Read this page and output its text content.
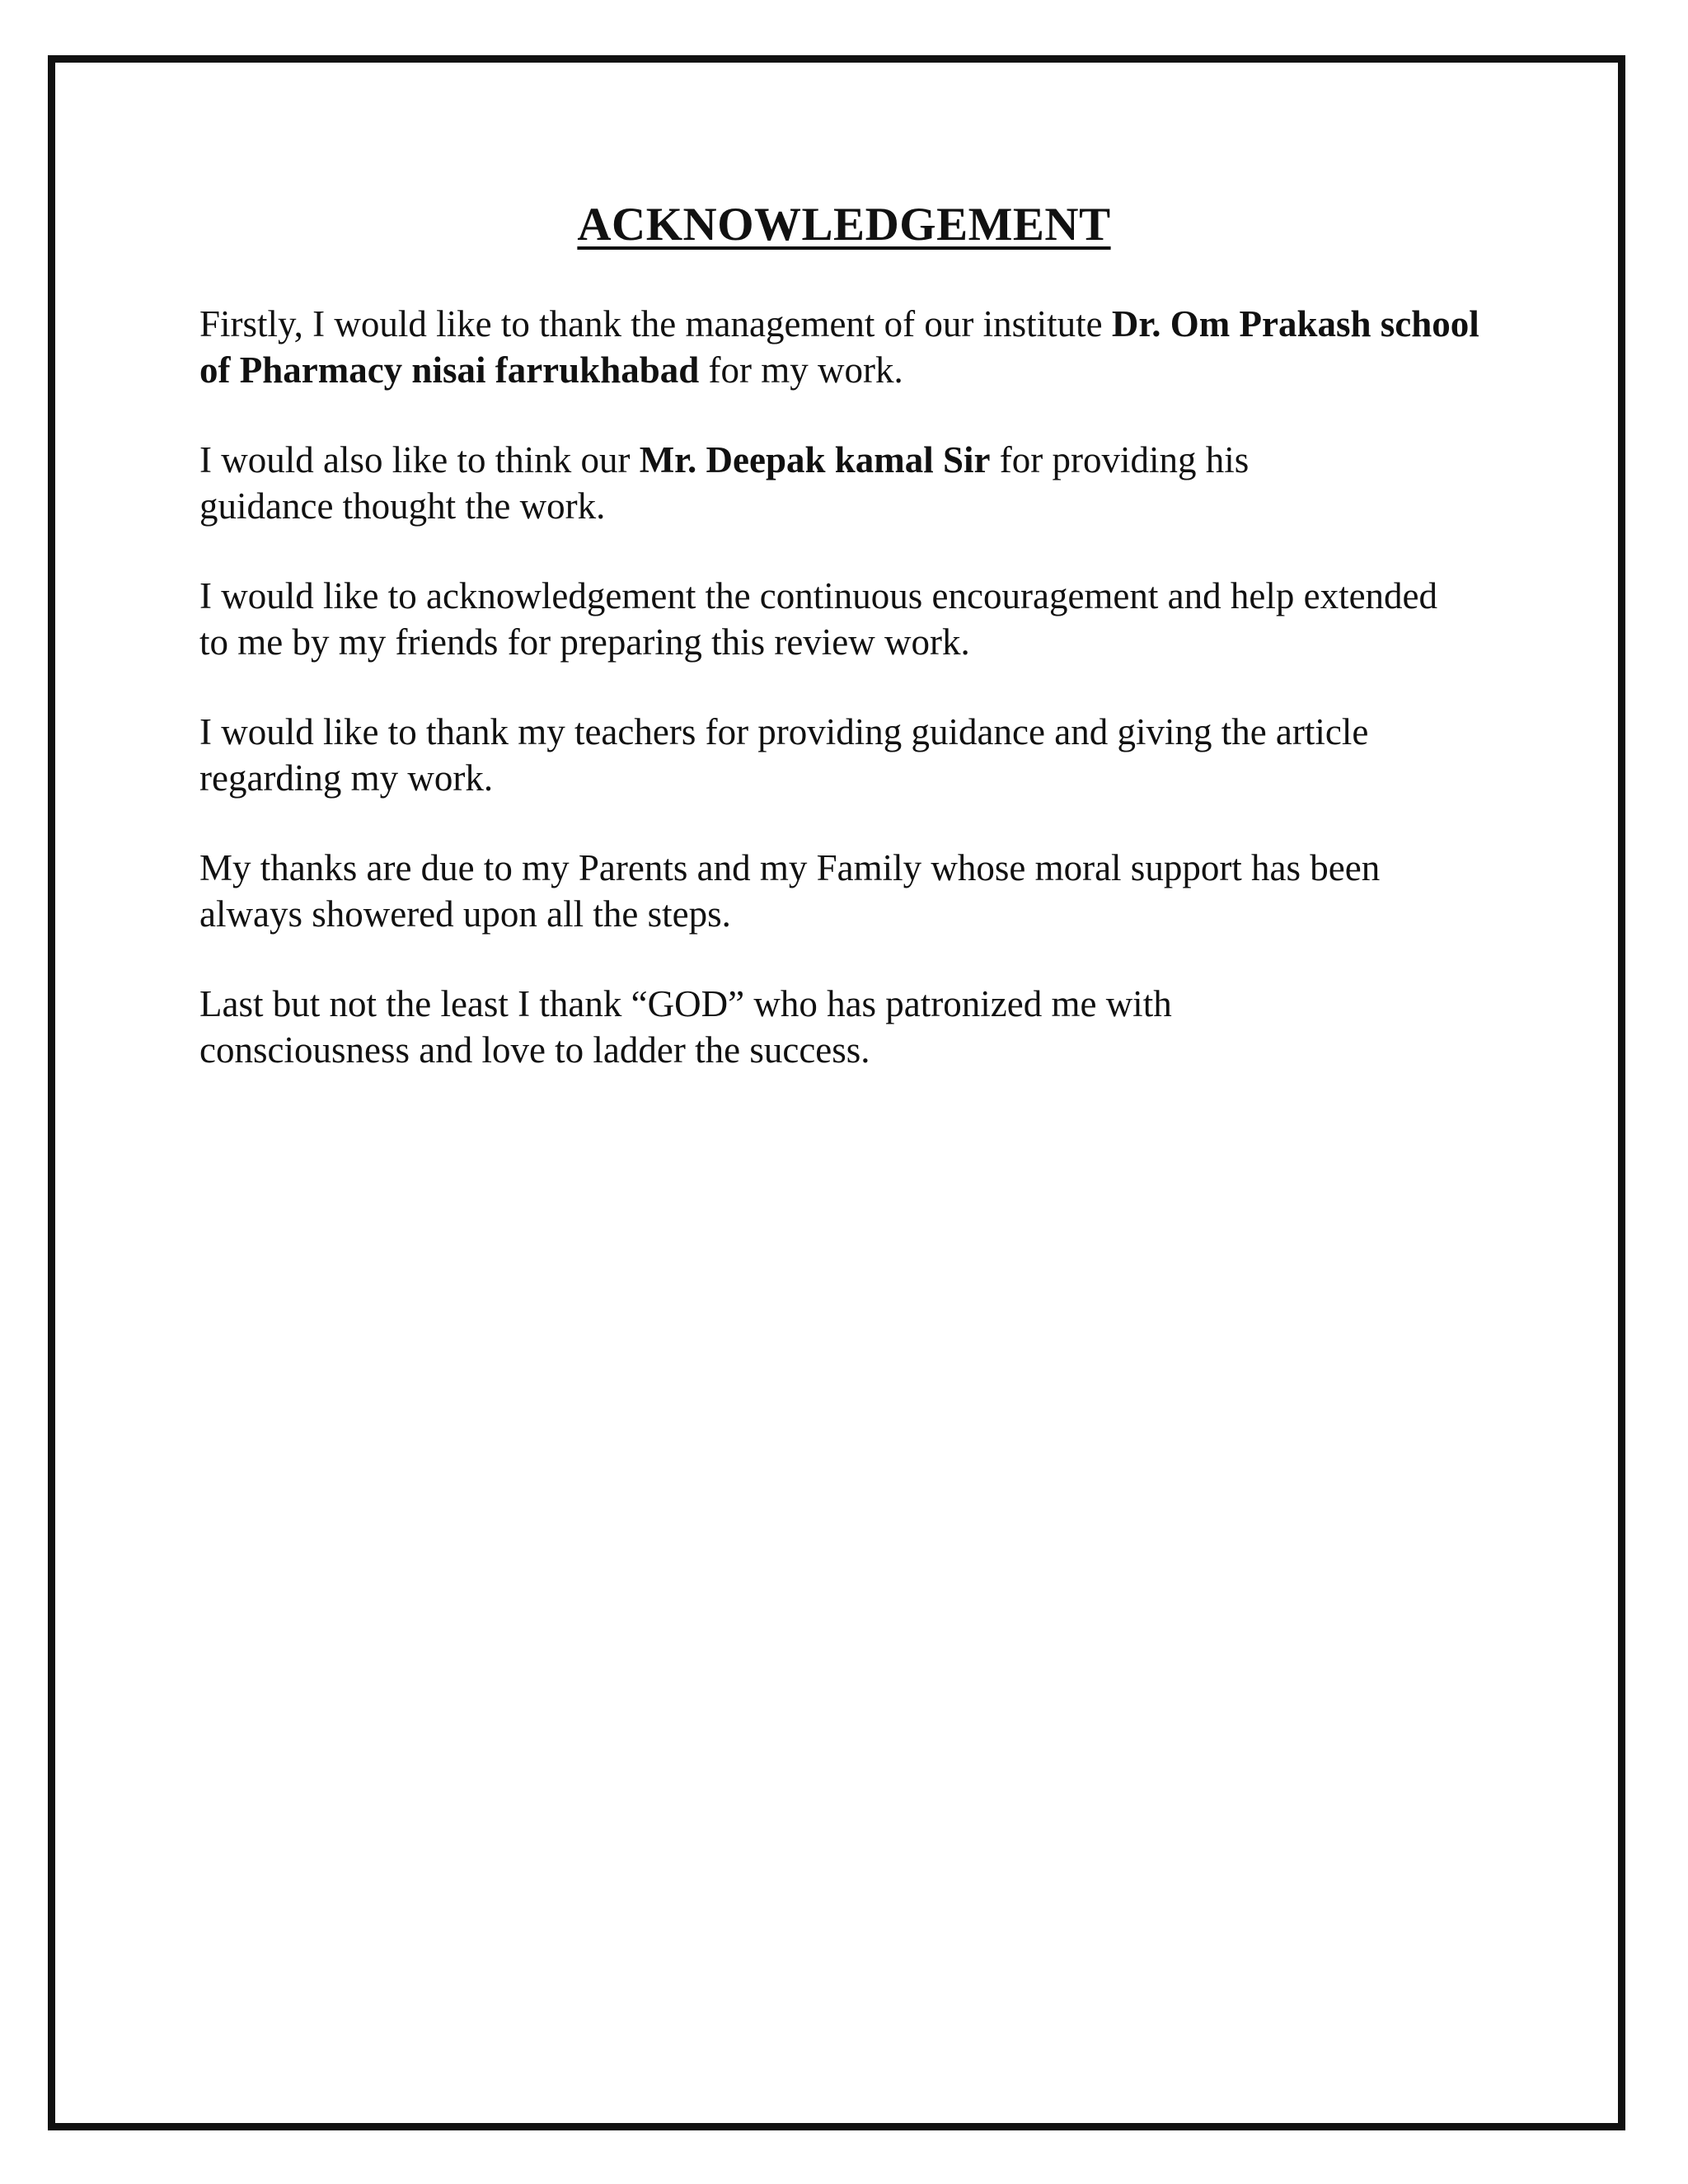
ACKNOWLEDGEMENT

Firstly, I would like to thank the management of our institute Dr. Om Prakash school of Pharmacy nisai farrukhabad for my work.

I would also like to think our Mr. Deepak kamal Sir for providing his guidance thought the work.

I would like to acknowledgement the continuous encouragement and help extended to me by my friends for preparing this review work.

I would like to thank my teachers for providing guidance and giving the article regarding my work.

My thanks are due to my Parents and my Family whose moral support has been always showered upon all the steps.

Last but not the least I thank “GOD” who has patronized me with consciousness and love to ladder the success.
